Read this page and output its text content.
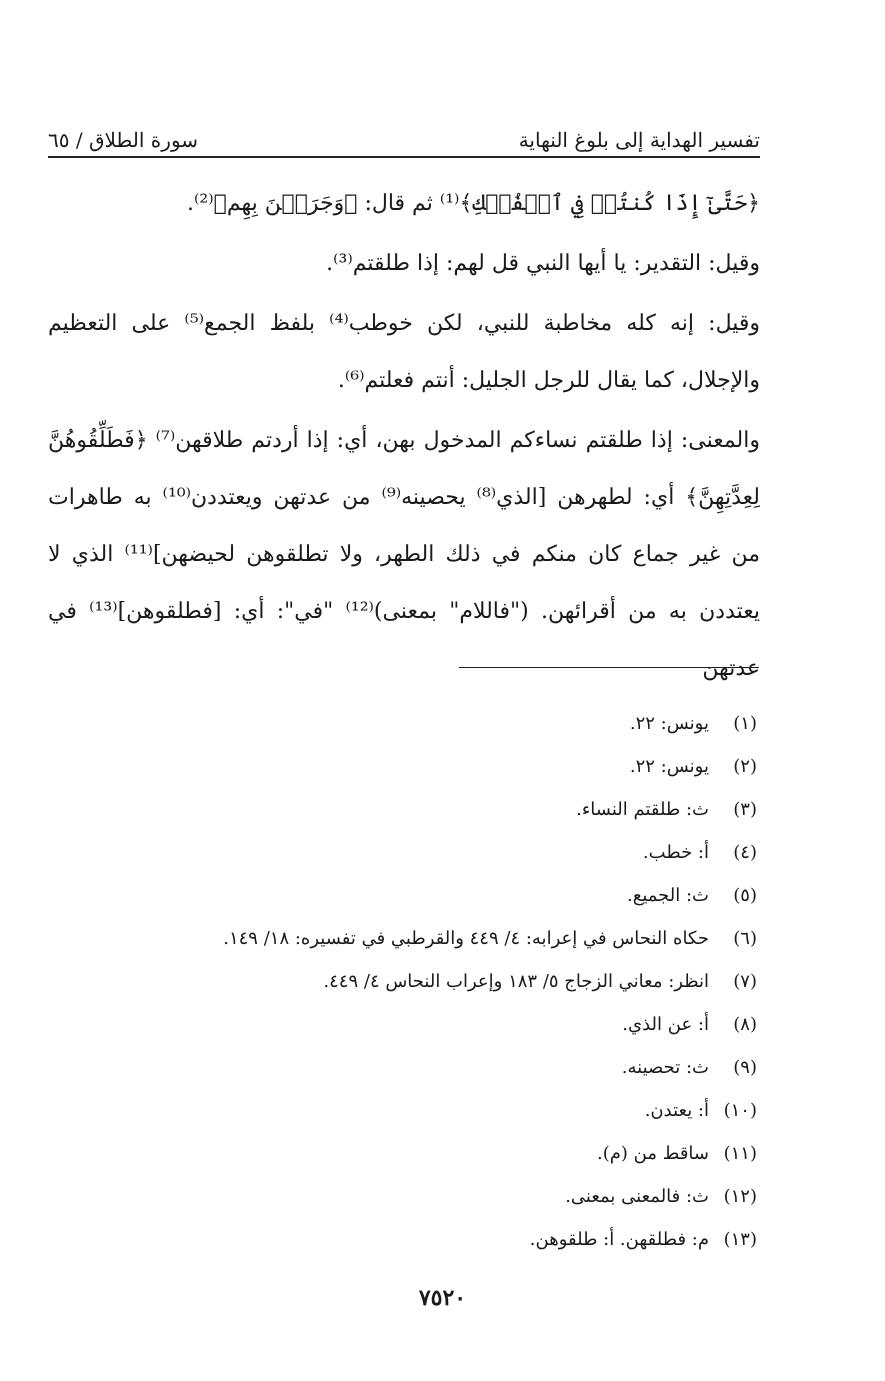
تفسير الهداية إلى بلوغ النهاية
سورة الطلاق / ٦٥

﴿حَتَّىٰٓ إِذَا كُنتُمۡ فِي ٱلۡفُلۡكِ﴾⁽¹⁾ ثم قال: ﴿وَجَرَيۡنَ بِهِم﴾⁽²⁾.

وقيل: التقدير: يا أيها النبي قل لهم: إذا طلقتم⁽³⁾.

وقيل: إنه كله مخاطبة للنبي، لكن خوطب⁽⁴⁾ بلفظ الجمع⁽⁵⁾ على التعظيم والإجلال، كما يقال للرجل الجليل: أنتم فعلتم⁽⁶⁾.

والمعنى: إذا طلقتم نساءكم المدخول بهن، أي: إذا أردتم طلاقهن⁽⁷⁾ ﴿فَطَلِّقُوهُنَّ لِعِدَّتِهِنَّ﴾ أي: لطهرهن [الذي⁽⁸⁾ يحصينه⁽⁹⁾ من عدتهن ويعتددن⁽¹⁰⁾ به طاهرات من غير جماع كان منكم في ذلك الطهر، ولا تطلقوهن لحيضهن]⁽¹¹⁾ الذي لا يعتددن به من أقرائهن. ("فاللام" بمعنى)⁽¹²⁾ "في": أي: [فطلقوهن]⁽¹³⁾ في عدتهن

(١)يونس: ٢٢.
(٢)يونس: ٢٢.
(٣)ث: طلقتم النساء.
(٤)أ: خطب.
(٥)ث: الجميع.
(٦)حكاه النحاس في إعرابه: ٤/ ٤٤٩ والقرطبي في تفسيره: ١٨/ ١٤٩.
(٧)انظر: معاني الزجاج ٥/ ١٨٣ وإعراب النحاس ٤/ ٤٤٩.
(٨)أ: عن الذي.
(٩)ث: تحصينه.
(١٠)أ: يعتدن.
(١١)ساقط من (م).
(١٢)ث: فالمعنى بمعنى.
(١٣)م: فطلقهن. أ: طلقوهن.
٧٥٢٠
